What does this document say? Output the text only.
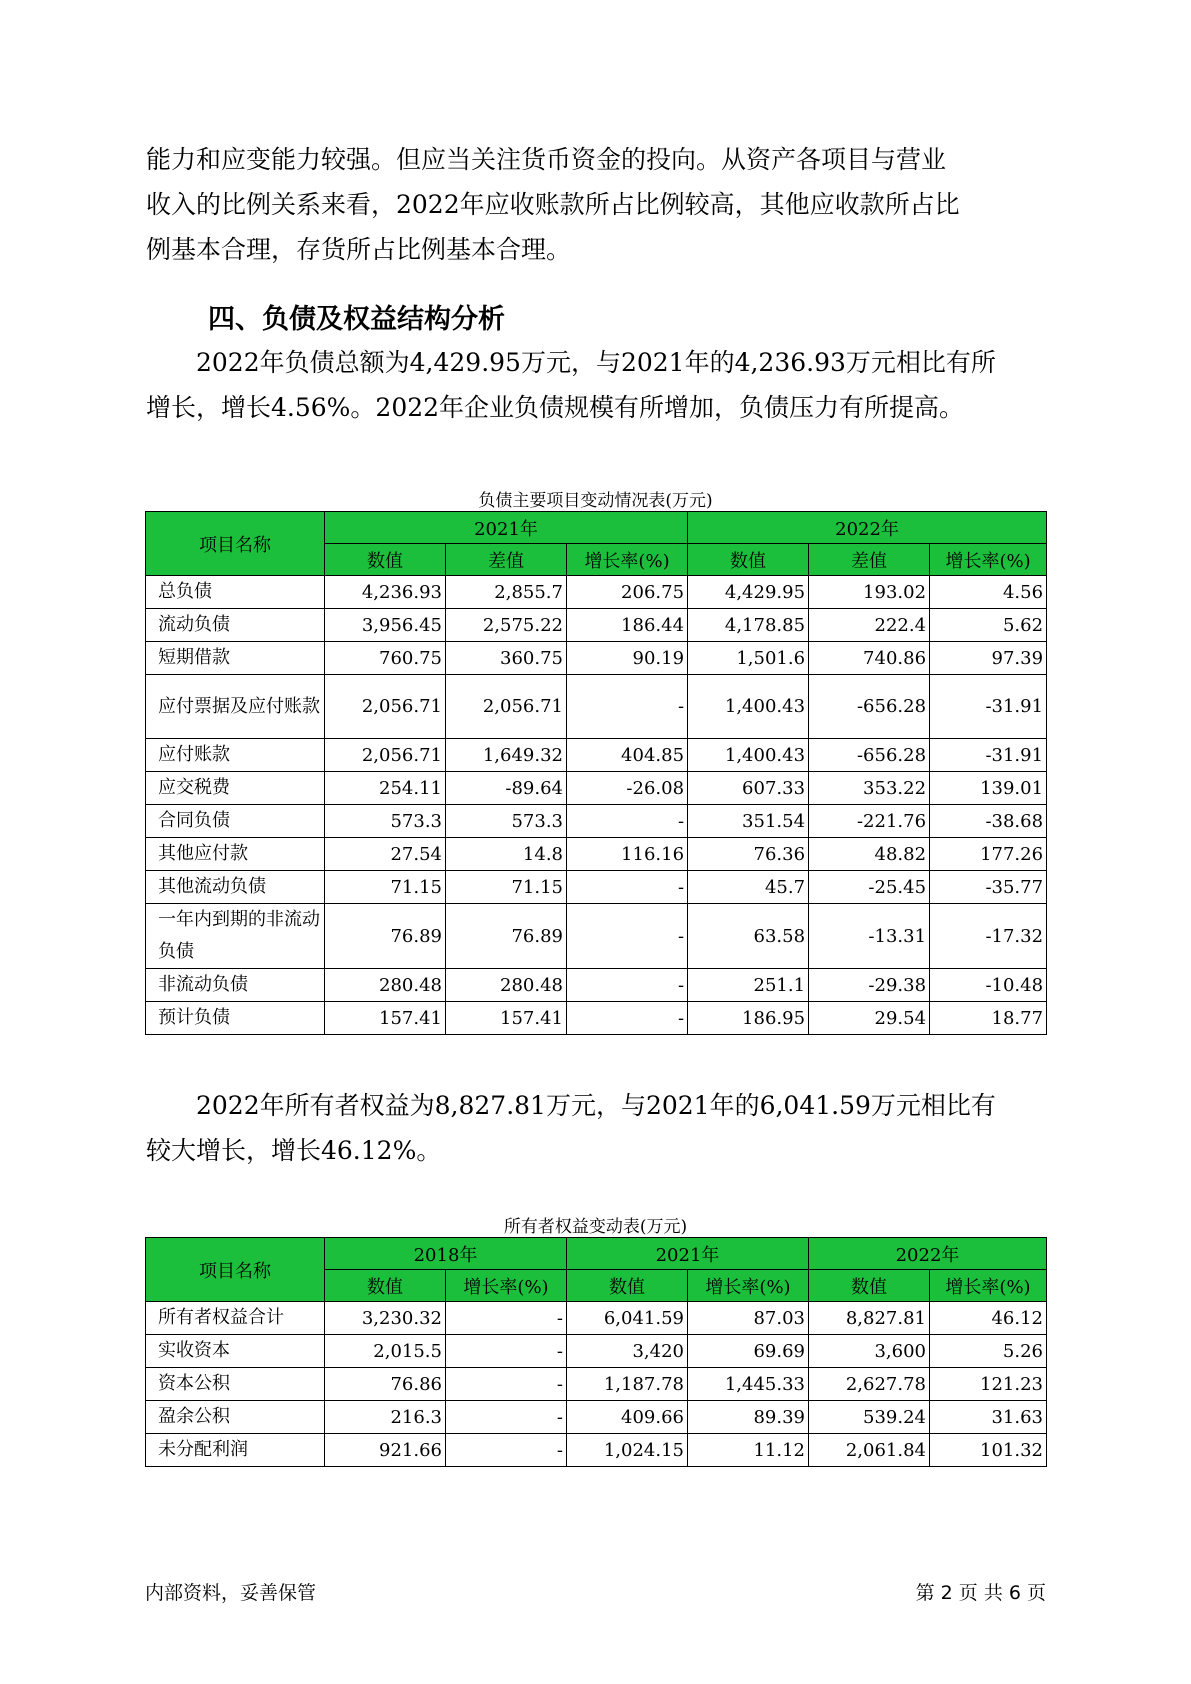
能力和应变能力较强。但应当关注货币资金的投向。从资产各项目与营业
收入的比例关系来看，2022年应收账款所占比例较高，其他应收款所占比
例基本合理，存货所占比例基本合理。
四、负债及权益结构分析
2022年负债总额为4,429.95万元，与2021年的4,236.93万元相比有所
增长，增长4.56%。2022年企业负债规模有所增加，负债压力有所提高。
负债主要项目变动情况表(万元)
项目名称	2021年			2022年		
	数值	差值	增长率(%)	数值	差值	增长率(%)
总负债	4,236.93	2,855.7	206.75	4,429.95	193.02	4.56
流动负债	3,956.45	2,575.22	186.44	4,178.85	222.4	5.62
短期借款	760.75	360.75	90.19	1,501.6	740.86	97.39
应付票据及应付账款	2,056.71	2,056.71	-	1,400.43	-656.28	-31.91
应付账款	2,056.71	1,649.32	404.85	1,400.43	-656.28	-31.91
应交税费	254.11	-89.64	-26.08	607.33	353.22	139.01
合同负债	573.3	573.3	-	351.54	-221.76	-38.68
其他应付款	27.54	14.8	116.16	76.36	48.82	177.26
其他流动负债	71.15	71.15	-	45.7	-25.45	-35.77
一年内到期的非流动负债	76.89	76.89	-	63.58	-13.31	-17.32
非流动负债	280.48	280.48	-	251.1	-29.38	-10.48
预计负债	157.41	157.41	-	186.95	29.54	18.77
2022年所有者权益为8,827.81万元，与2021年的6,041.59万元相比有
较大增长，增长46.12%。
所有者权益变动表(万元)
项目名称	2018年		2021年		2022年	
	数值	增长率(%)	数值	增长率(%)	数值	增长率(%)
所有者权益合计	3,230.32	-	6,041.59	87.03	8,827.81	46.12
实收资本	2,015.5	-	3,420	69.69	3,600	5.26
资本公积	76.86	-	1,187.78	1,445.33	2,627.78	121.23
盈余公积	216.3	-	409.66	89.39	539.24	31.63
未分配利润	921.66	-	1,024.15	11.12	2,061.84	101.32
内部资料，妥善保管	第 2 页 共 6 页
